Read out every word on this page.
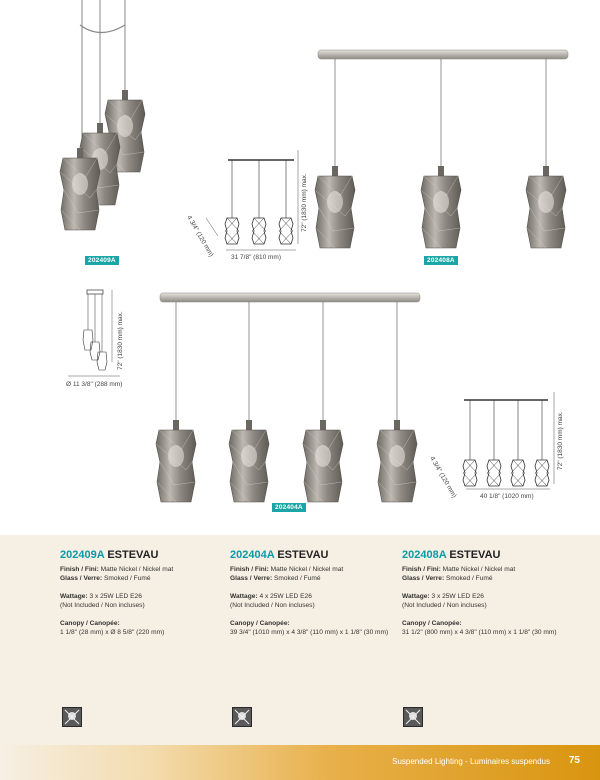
72" (1830 mm) max.
31 7/8" (810 mm)
4 3/4" (120 mm)
72" (1830 mm) max.
Ø 11 3/8" (288 mm)
72" (1830 mm) max.
40 1/8" (1020 mm)
4 3/4" (120 mm)
202409A	202408A
202404A
202409A ESTEVAU
Finish / Fini: Matte Nickel / Nickel mat
Glass / Verre: Smoked / Fumé
Wattage: 3 x 25W LED E26
(Not Included / Non incluses)
Canopy / Canopée:
1 1/8" (28 mm) x Ø 8 5/8" (220 mm)
202404A ESTEVAU
Finish / Fini: Matte Nickel / Nickel mat
Glass / Verre: Smoked / Fumé
Wattage: 4 x 25W LED E26
(Not Included / Non incluses)
Canopy / Canopée:
39 3/4" (1010 mm) x 4 3/8" (110 mm) x 1 1/8" (30 mm)
202408A ESTEVAU
Finish / Fini: Matte Nickel / Nickel mat
Glass / Verre: Smoked / Fumé
Wattage: 3 x 25W LED E26
(Not Included / Non incluses)
Canopy / Canopée:
31 1/2" (800 mm) x 4 3/8" (110 mm) x 1 1/8" (30 mm)
Suspended Lighting - Luminaires suspendus 75
